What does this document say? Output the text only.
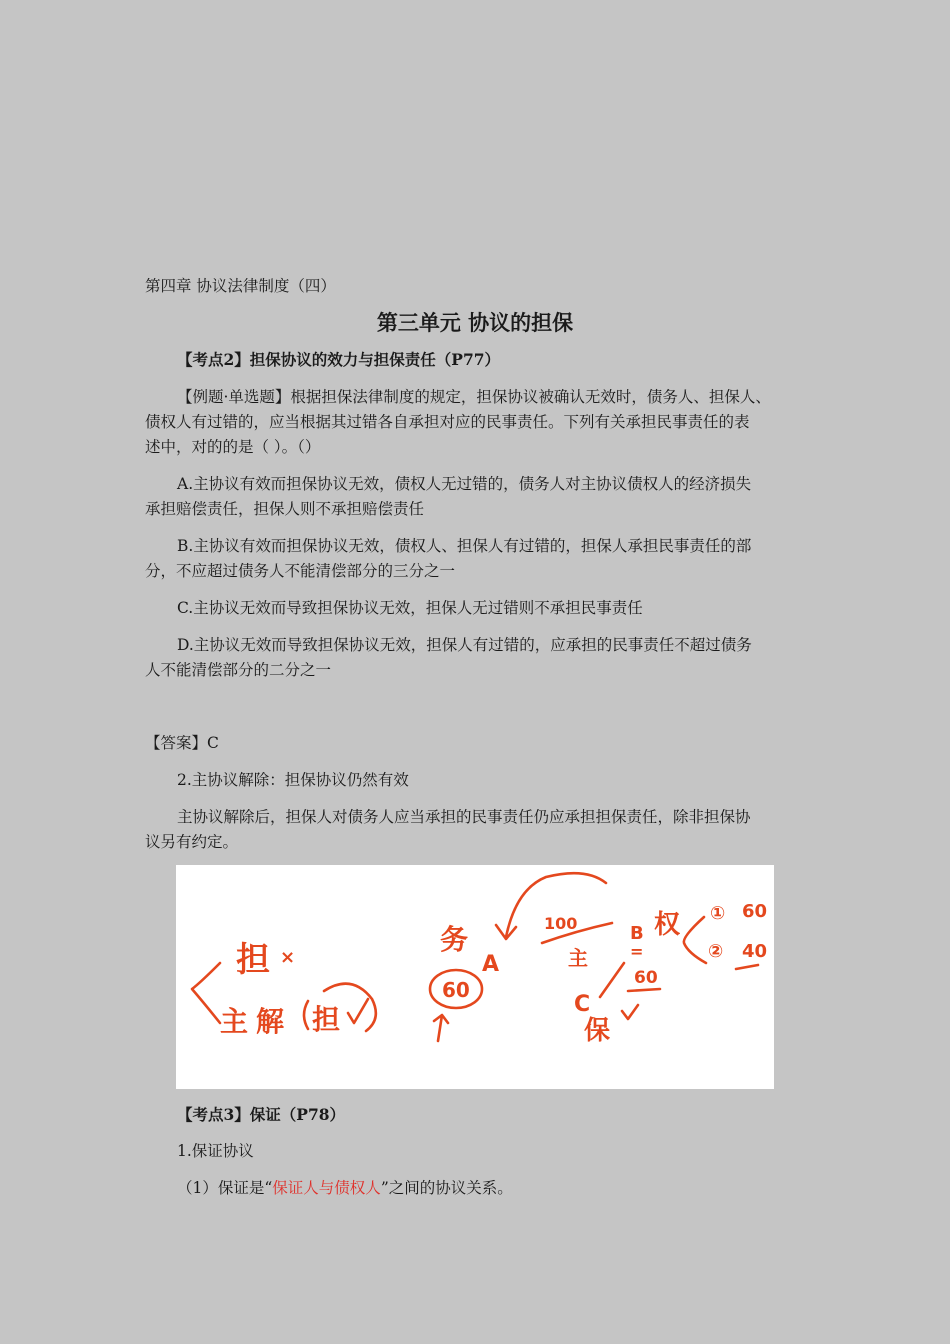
第四章 协议法律制度（四）
第三单元 协议的担保
【考点2】担保协议的效力与担保责任（P77）
【例题·单选题】根据担保法律制度的规定，担保协议被确认无效时，债务人、担保人、
债权人有过错的，应当根据其过错各自承担对应的民事责任。下列有关承担民事责任的表
述中，对的的是（ ）。（）
A.主协议有效而担保协议无效，债权人无过错的，债务人对主协议债权人的经济损失
承担赔偿责任，担保人则不承担赔偿责任
B.主协议有效而担保协议无效，债权人、担保人有过错的，担保人承担民事责任的部
分，不应超过债务人不能清偿部分的三分之一
C.主协议无效而导致担保协议无效，担保人无过错则不承担民事责任
D.主协议无效而导致担保协议无效，担保人有过错的，应承担的民事责任不超过债务
人不能清偿部分的二分之一
【答案】C
2.主协议解除：担保协议仍然有效
主协议解除后，担保人对债务人应当承担的民事责任仍应承担担保责任，除非担保协
议另有约定。
担 ×
主 解 担
务
A
60
100
主
B
=
权 ① 60
② 40
60
C
保
【考点3】保证（P78）
1.保证协议
（1）保证是“保证人与债权人”之间的协议关系。
